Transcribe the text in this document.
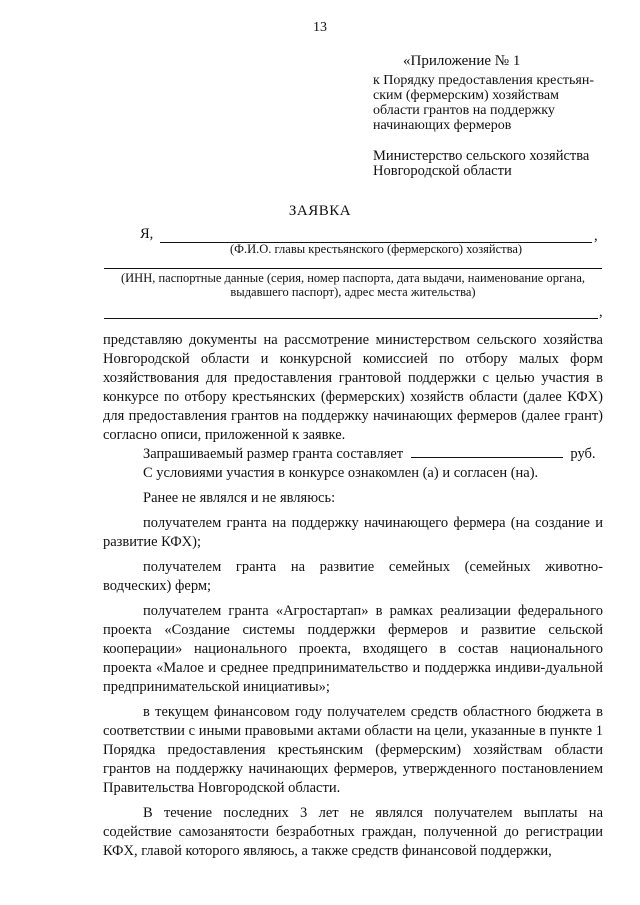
13
«Приложение № 1
к Порядку предоставления крестьян-
ским (фермерским) хозяйствам
области грантов на поддержку
начинающих фермеров
Министерство сельского хозяйства
Новгородской области
ЗАЯВКА
Я,	,
(Ф.И.О. главы крестьянского (фермерского) хозяйства)
(ИНН, паспортные данные (серия, номер паспорта, дата выдачи, наименование органа,
выдавшего паспорт), адрес места жительства)
,

представляю документы на рассмотрение министерством сельского хозяйства Новгородской области и конкурсной комиссией по отбору малых форм хозяйствования для предоставления грантовой поддержки с целью участия в конкурсе по отбору крестьянских (фермерских) хозяйств области (далее КФХ) для предоставления грантов на поддержку начинающих фермеров (далее грант) согласно описи, приложенной к заявке.

Запрашиваемый размер гранта составляет	руб.

С условиями участия в конкурсе ознакомлен (а) и согласен (на).

Ранее не являлся и не являюсь:

получателем гранта на поддержку начинающего фермера (на создание и развитие КФХ);

получателем гранта на развитие семейных (семейных животно-водческих) ферм;

получателем гранта «Агростартап» в рамках реализации федерального проекта «Создание системы поддержки фермеров и развитие сельской кооперации» национального проекта, входящего в состав национального проекта «Малое и среднее предпринимательство и поддержка индиви-дуальной предпринимательской инициативы»;

в текущем финансовом году получателем средств областного бюджета в соответствии с иными правовыми актами области на цели, указанные в пункте 1 Порядка предоставления крестьянским (фермерским) хозяйствам области грантов на поддержку начинающих фермеров, утвержденного постановлением Правительства Новгородской области.

В течение последних 3 лет не являлся получателем выплаты на содействие самозанятости безработных граждан, полученной до регистрации КФХ, главой которого являюсь, а также средств финансовой поддержки,
